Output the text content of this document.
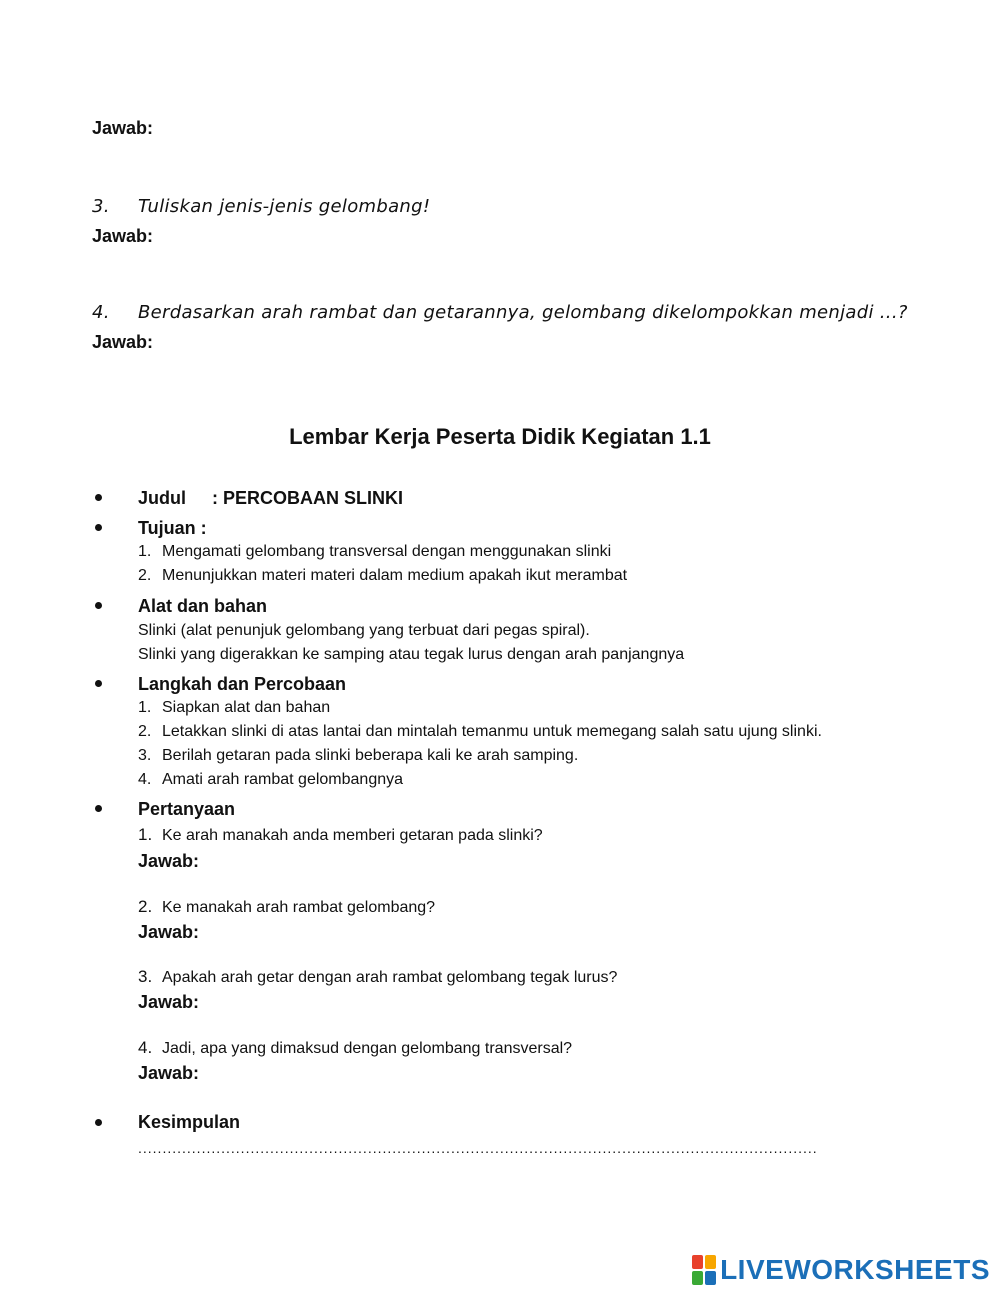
Jawab:
3. Tuliskan jenis-jenis gelombang!
Jawab:
4. Berdasarkan arah rambat dan getarannya, gelombang dikelompokkan menjadi ...?
Jawab:
Lembar Kerja Peserta Didik Kegiatan 1.1
Judul : PERCOBAAN SLINKI
Tujuan :
1. Mengamati gelombang transversal dengan menggunakan slinki
2. Menunjukkan materi materi dalam medium apakah ikut merambat
Alat dan bahan
Slinki (alat penunjuk gelombang yang terbuat dari pegas spiral).
Slinki yang digerakkan ke samping atau tegak lurus dengan arah panjangnya
Langkah dan Percobaan
1. Siapkan alat dan bahan
2. Letakkan slinki di atas lantai dan mintalah temanmu untuk memegang salah satu ujung slinki.
3. Berilah getaran pada slinki beberapa kali ke arah samping.
4. Amati arah rambat gelombangnya
Pertanyaan
1. Ke arah manakah anda memberi getaran pada slinki?
Jawab:
2. Ke manakah arah rambat gelombang?
Jawab:
3. Apakah arah getar dengan arah rambat gelombang tegak lurus?
Jawab:
4. Jadi, apa yang dimaksud dengan gelombang transversal?
Jawab:
Kesimpulan
...........................................................................................................................................
LIVEWORKSHEETS
